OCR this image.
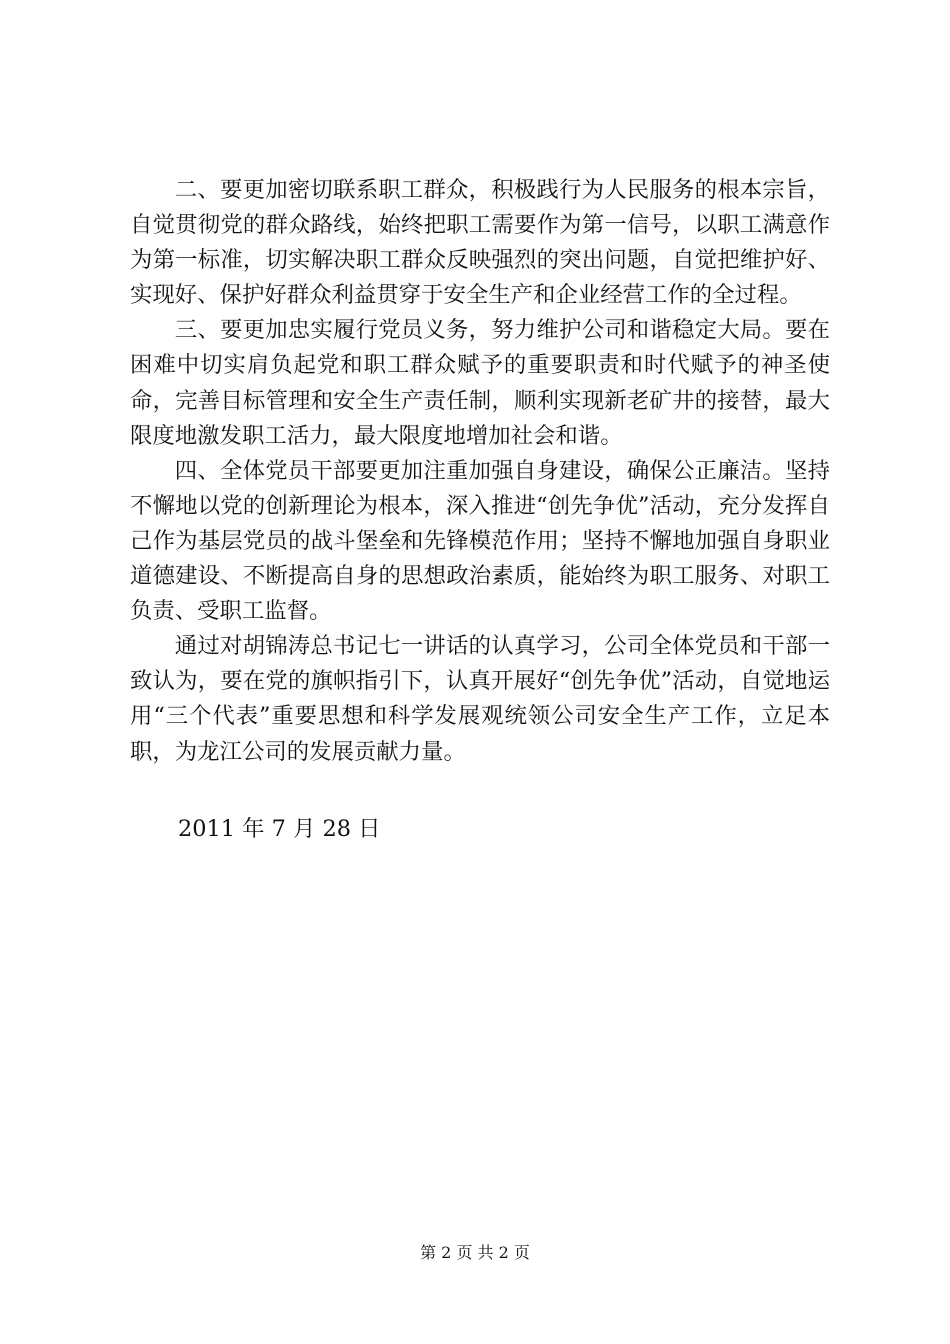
二、要更加密切联系职工群众，积极践行为人民服务的根本宗旨，自觉贯彻党的群众路线，始终把职工需要作为第一信号，以职工满意作为第一标准，切实解决职工群众反映强烈的突出问题，自觉把维护好、实现好、保护好群众利益贯穿于安全生产和企业经营工作的全过程。

三、要更加忠实履行党员义务，努力维护公司和谐稳定大局。要在困难中切实肩负起党和职工群众赋予的重要职责和时代赋予的神圣使命，完善目标管理和安全生产责任制，顺利实现新老矿井的接替，最大限度地激发职工活力，最大限度地增加社会和谐。

四、全体党员干部要更加注重加强自身建设，确保公正廉洁。坚持不懈地以党的创新理论为根本，深入推进“创先争优”活动，充分发挥自己作为基层党员的战斗堡垒和先锋模范作用；坚持不懈地加强自身职业道德建设、不断提高自身的思想政治素质，能始终为职工服务、对职工负责、受职工监督。

通过对胡锦涛总书记七一讲话的认真学习，公司全体党员和干部一致认为，要在党的旗帜指引下，认真开展好“创先争优”活动，自觉地运用“三个代表”重要思想和科学发展观统领公司安全生产工作，立足本职，为龙江公司的发展贡献力量。

2011 年 7 月 28 日
第 2 页 共 2 页
